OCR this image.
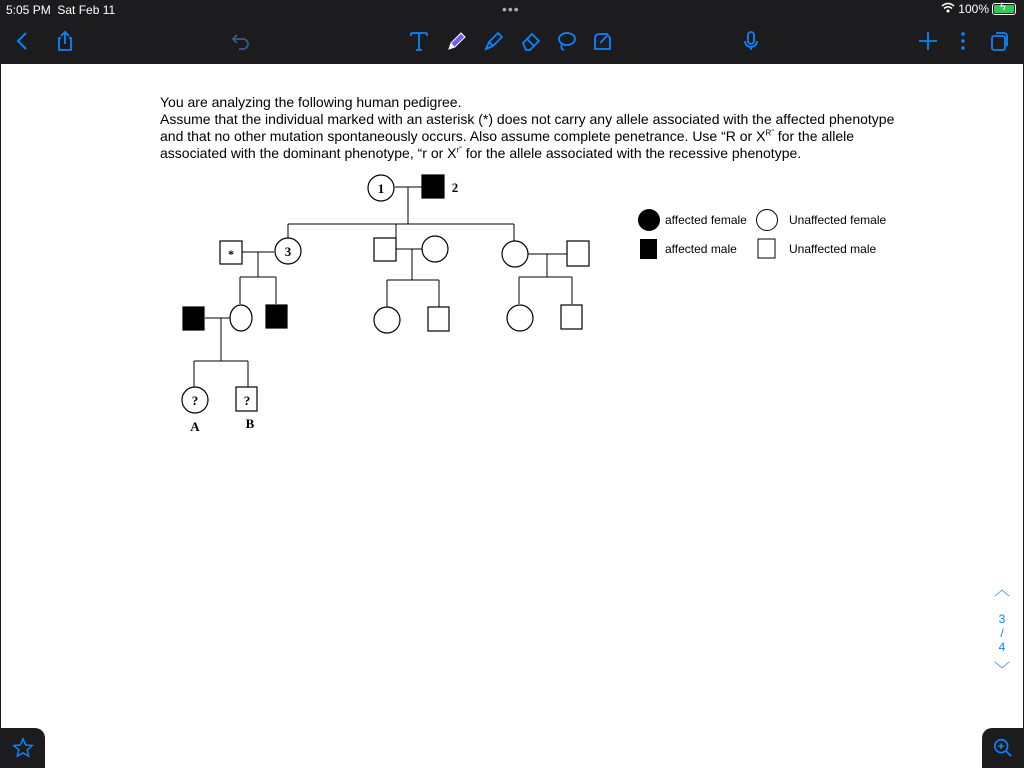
5:05 PM Sat Feb 11	•••	100% ϟ

You are analyzing the following human pedigree.

Assume that the individual marked with an asterisk (*) does not carry any allele associated with the affected phenotype and that no other mutation spontaneously occurs. Also assume complete penetrance. Use “R or $X^{R”}$ for the allele associated with the dominant phenotype, “r or $X^{r”}$ for the allele associated with the recessive phenotype.

1	2
3
*
?	?
A	B
affected female	Unaffected female
affected male	Unaffected male
︿
3
/
4
﹀
